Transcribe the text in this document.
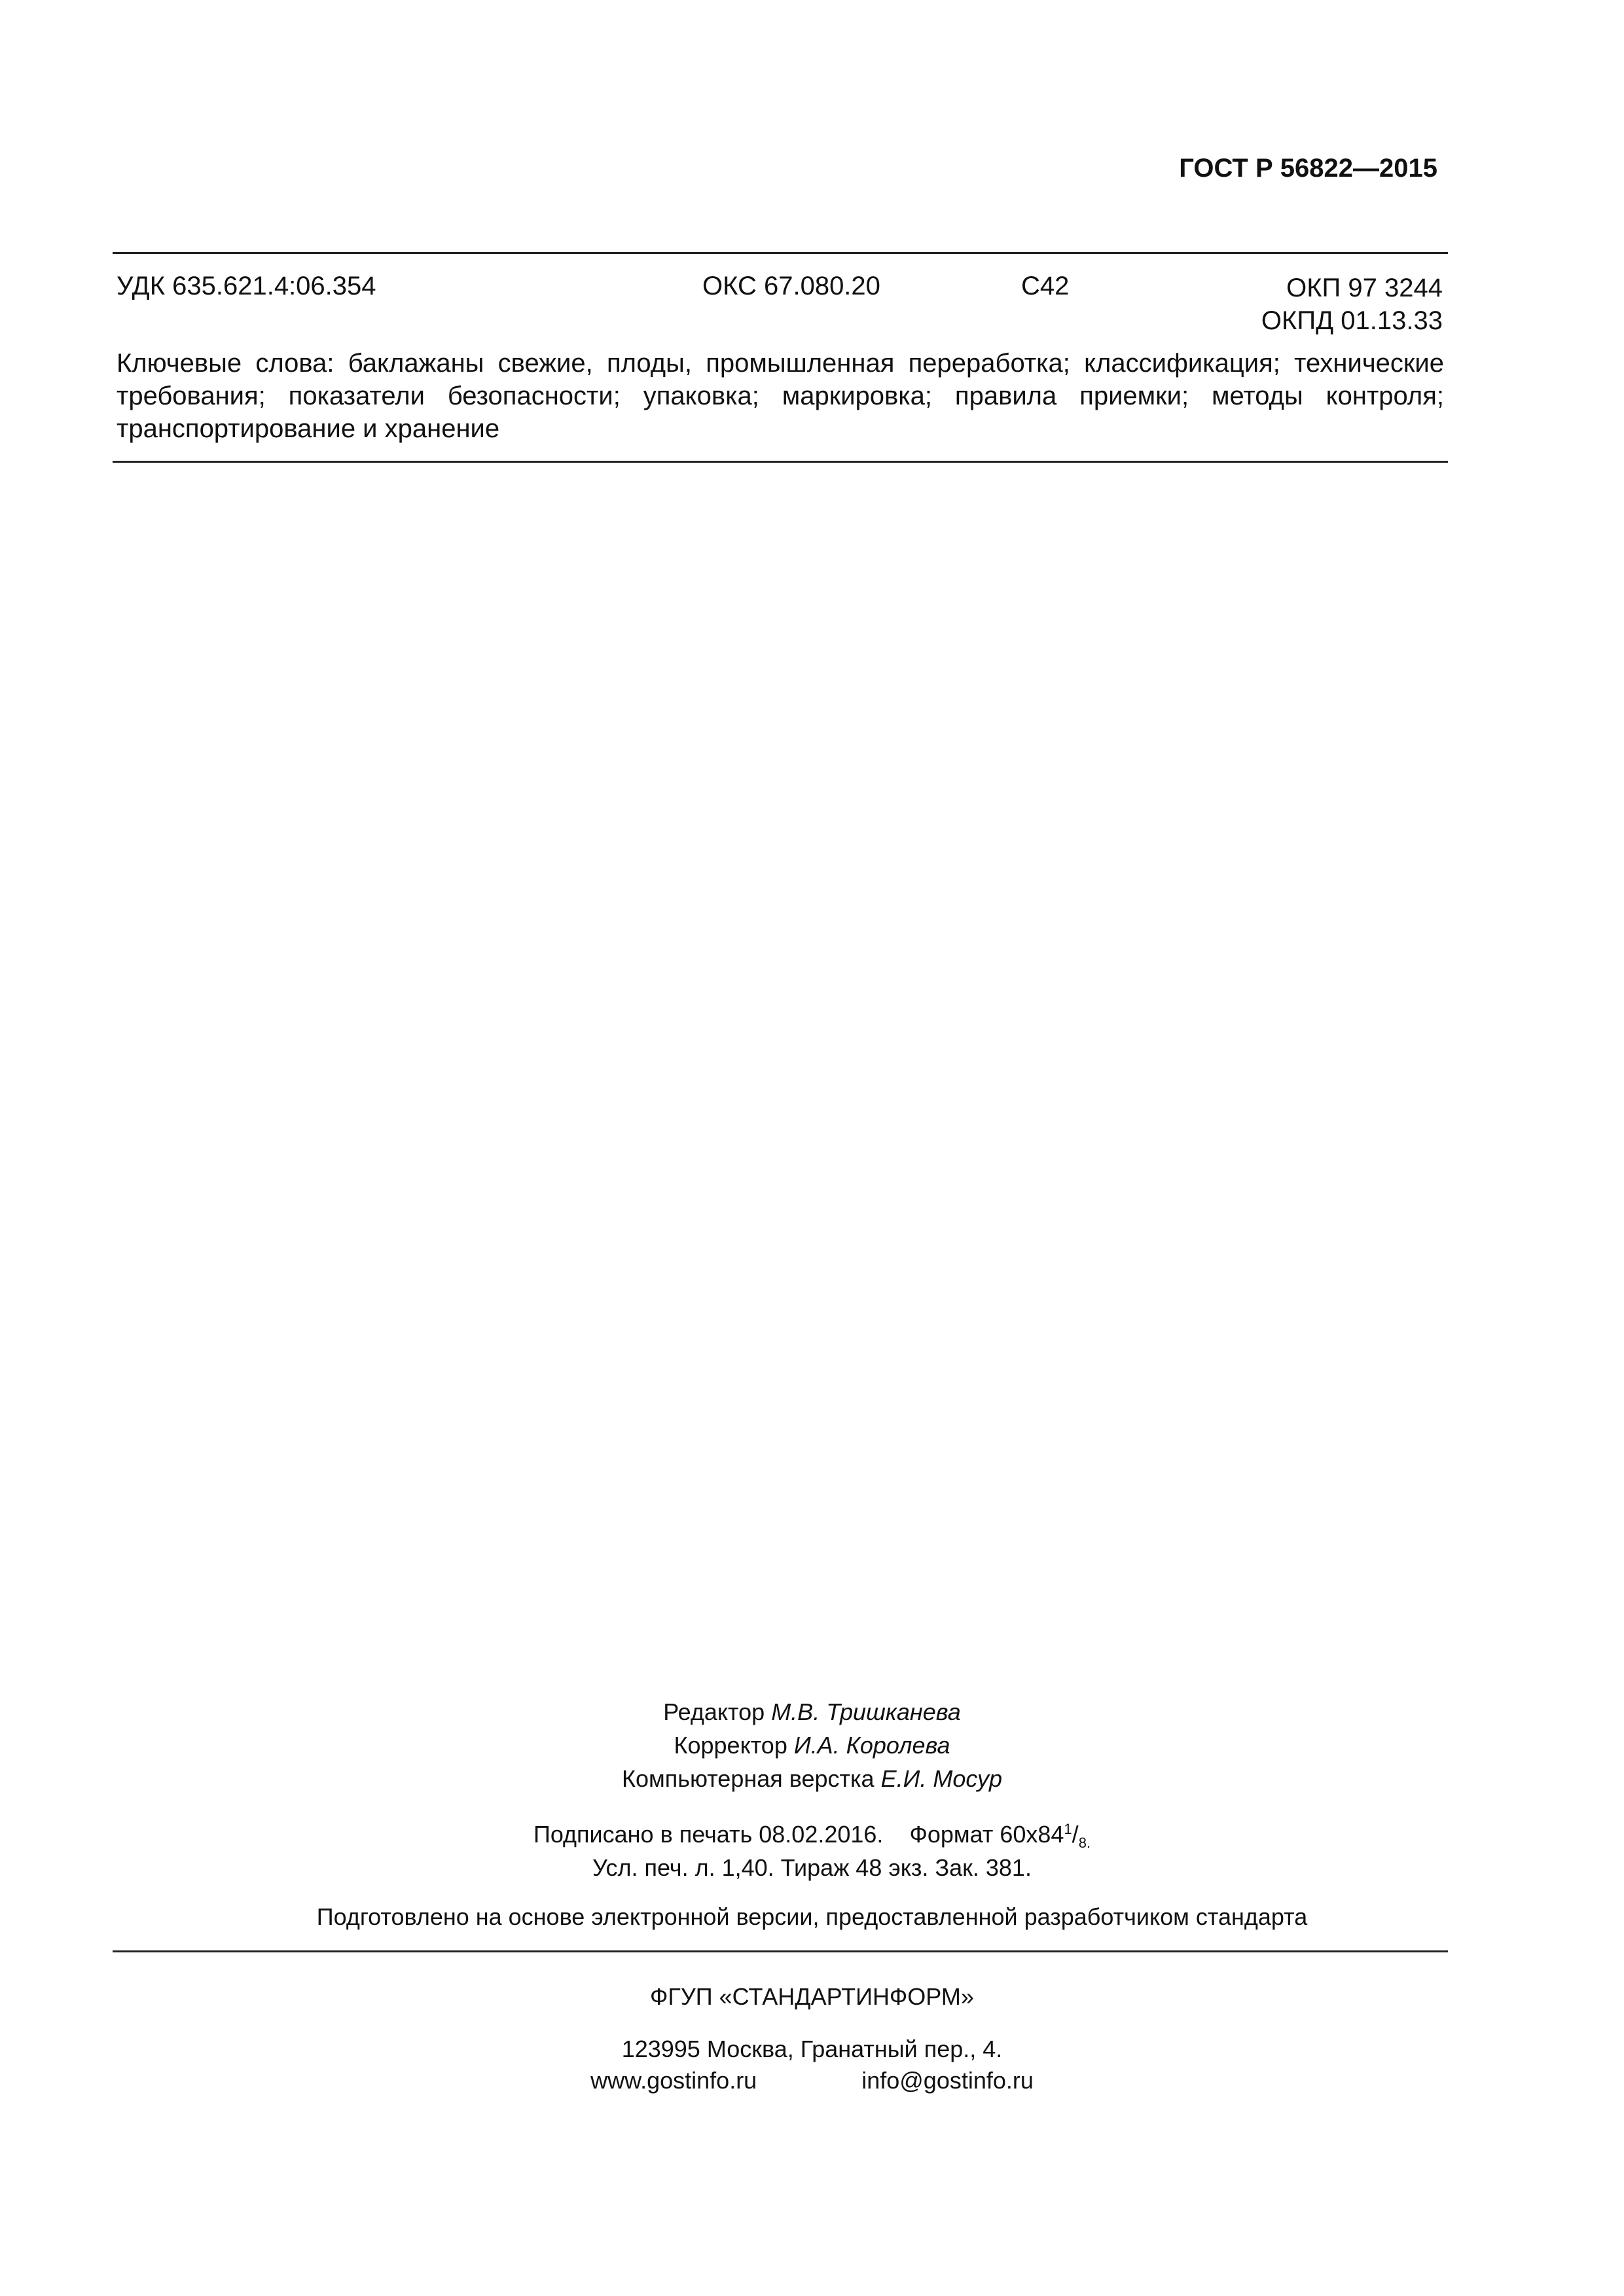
ГОСТ Р 56822—2015
УДК 635.621.4:06.354	ОКС 67.080.20	С42	ОКП 97 3244
ОКПД 01.13.33
Ключевые слова: баклажаны свежие, плоды, промышленная переработка; классификация; технические требования; показатели безопасности; упаковка; маркировка; правила приемки; методы контроля; транспортирование и хранение
Редактор М.В. Тришканева
Корректор И.А. Королева
Компьютерная верстка Е.И. Мосур
Подписано в печать 08.02.2016. Формат $60х84^1/_{8.}$
Усл. печ. л. 1,40. Тираж 48 экз. Зак. 381.
Подготовлено на основе электронной версии, предоставленной разработчиком стандарта
ФГУП «СТАНДАРТИНФОРМ»
123995 Москва, Гранатный пер., 4.
www.gostinfo.ru	info@gostinfo.ru
